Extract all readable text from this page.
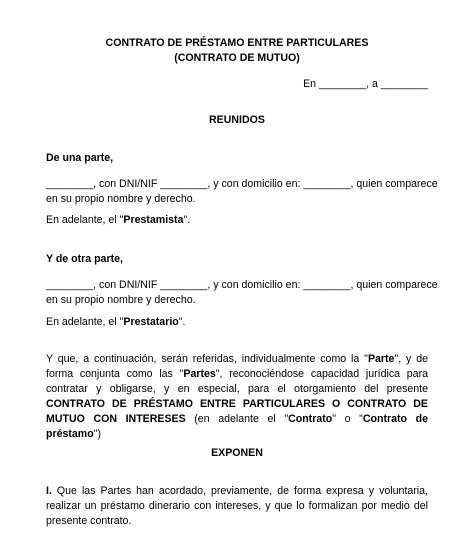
CONTRATO DE PRÉSTAMO ENTRE PARTICULARES
(CONTRATO DE MUTUO)
En ________, a ________
REUNIDOS
De una parte,
________, con DNI/NIF ________, y con domicilio en: ________, quien comparece
en su propio nombre y derecho.
En adelante, el "Prestamista".
Y de otra parte,
________, con DNI/NIF ________, y con domicilio en: ________, quien comparece
en su propio nombre y derecho.
En adelante, el "Prestatario".
Y que, a continuación, serán referidas, individualmente como la "Parte", y de forma conjunta como las "Partes", reconociéndose capacidad jurídica para contratar y obligarse, y en especial, para el otorgamiento del presente CONTRATO DE PRÉSTAMO ENTRE PARTICULARES O CONTRATO DE MUTUO CON INTERESES (en adelante el "Contrato" o "Contrato de préstamo")
EXPONEN
I. Que las Partes han acordado, previamente, de forma expresa y voluntaria, realizar un préstamo dinerario con intereses, y que lo formalizan por medio del presente contrato.
